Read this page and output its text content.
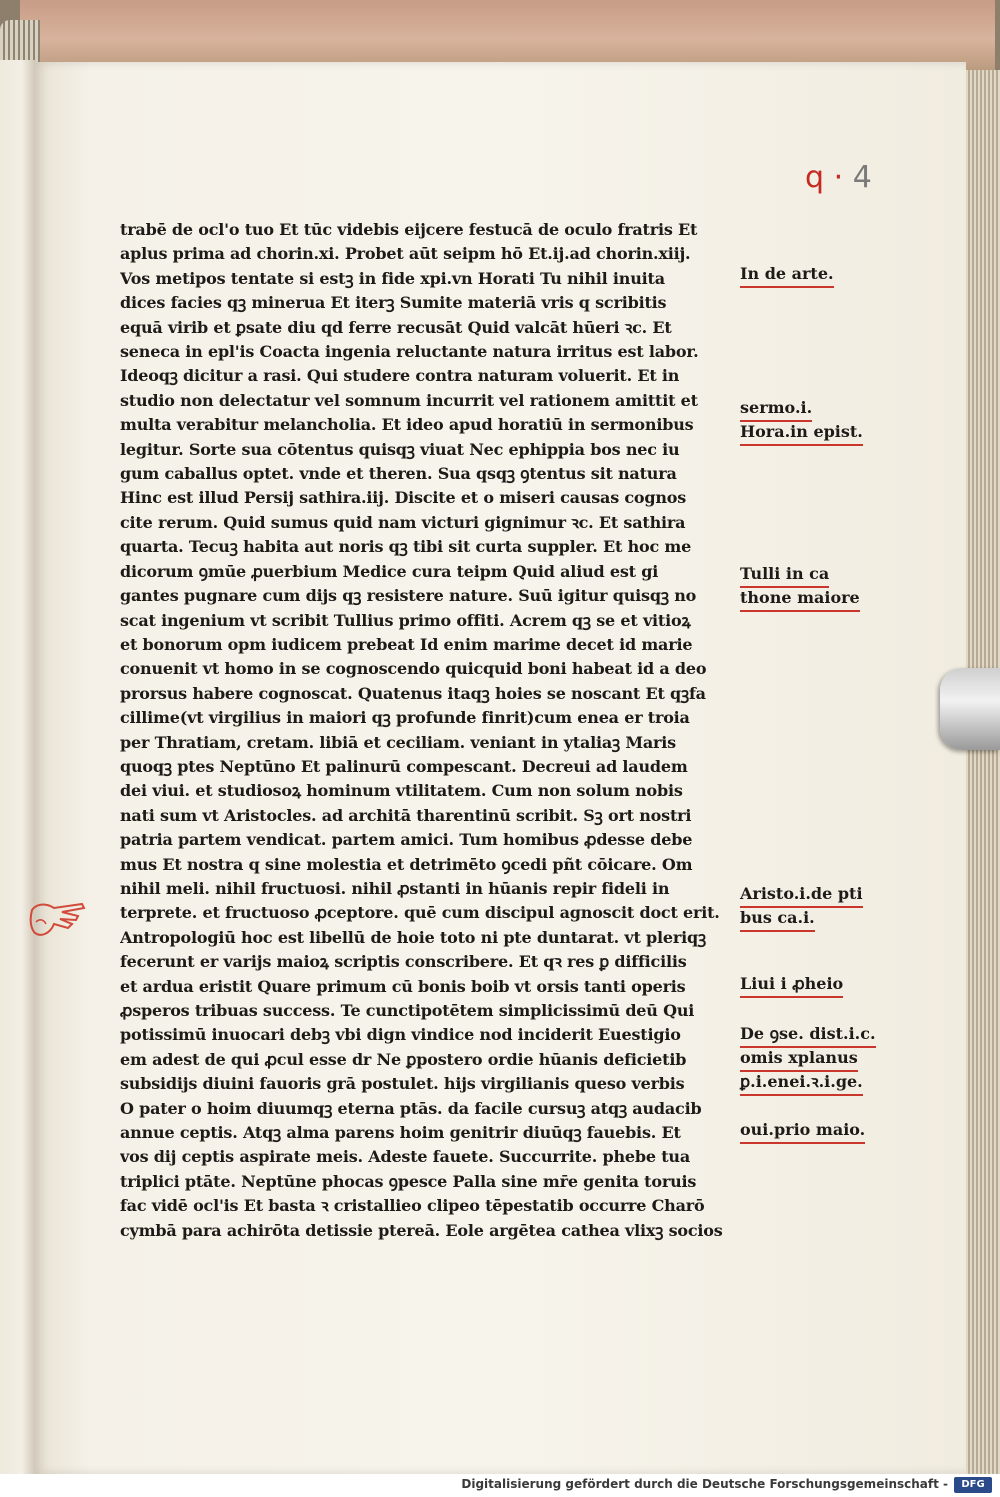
q · 4
trabē de ocl'o tuo Et tūc videbis eijcere festucā de oculo fratris Et
aplus prima ad chorin.xi. Probet aūt seipm hō Et.ij.ad chorin.xiij.
Vos metipos tentate si estꝫ in fide xpi.vn Horati Tu nihil inuita
dices facies qꝫ minerua Et iterꝫ Sumite materiā vris q scribitis
equā virib et ꝑsate diu qd ferre recusāt Quid valcāt hūeri ꝛc. Et
seneca in epl'is Coacta ingenia reluctante natura irritus est labor.
Ideoqꝫ dicitur a rasi. Qui studere contra naturam voluerit. Et in
studio non delectatur vel somnum incurrit vel rationem amittit et
multa verabitur melancholia. Et ideo apud horatiū in sermonibus
legitur. Sorte sua cōtentus quisqꝫ viuat Nec ephippia bos nec iu
gum caballus optet. vnde et theren. Sua qsqꝫ ꝯtentus sit natura
Hinc est illud Persij sathira.iij. Discite et o miseri causas cognos
cite rerum. Quid sumus quid nam victuri gignimur ꝛc. Et sathira
quarta. Tecuꝫ habita aut noris qꝫ tibi sit curta suppler. Et hoc me
dicorum ꝯmūe ꝓuerbium Medice cura teipm Quid aliud est gi
gantes pugnare cum dijs qꝫ resistere nature. Suū igitur quisqꝫ no
scat ingenium vt scribit Tullius primo offiti. Acrem qꝫ se et vitioꝝ
et bonorum opm iudicem prebeat Id enim marime decet id marie
conuenit vt homo in se cognoscendo quicquid boni habeat id a deo
prorsus habere cognoscat. Quatenus itaqꝫ hoies se noscant Et qꝫfa
cillime(vt virgilius in maiori qꝫ profunde finrit)cum enea er troia
per Thratiam, cretam. libiā et ceciliam. veniant in ytaliaꝫ Maris
quoqꝫ ptes Neptūno Et palinurū compescant. Decreui ad laudem
dei viui. et studiosoꝝ hominum vtilitatem. Cum non solum nobis
nati sum vt Aristocles. ad architā tharentinū scribit. Sꝫ ort nostri
patria partem vendicat. partem amici. Tum homibus ꝓdesse debe
mus Et nostra q sine molestia et detrimēto ꝯcedi pñt cōicare. Om
nihil meli. nihil fructuosi. nihil ꝓstanti in hūanis repir fideli in
terprete. et fructuoso ꝓceptore. quē cum discipul agnoscit doct erit.
Antropologiū hoc est libellū de hoie toto ni pte duntarat. vt pleriqꝫ
fecerunt er varijs maioꝝ scriptis conscribere. Et qꝛ res ꝑ difficilis
et ardua eristit Quare primum cū bonis boib vt orsis tanti operis
ꝓsperos tribuas success. Te cunctipotētem simplicissimū deū Qui
potissimū inuocari debꝫ vbi dign vindice nod inciderit Euestigio
em adest de qui ꝓcul esse dr Ne ꝑpostero ordie hūanis deficietib
subsidijs diuini fauoris grā postulet. hijs virgilianis queso verbis
O pater o hoim diuumqꝫ eterna ptās. da facile cursuꝫ atqꝫ audacib
annue ceptis. Atqꝫ alma parens hoim genitrir diuūqꝫ fauebis. Et
vos dij ceptis aspirate meis. Adeste fauete. Succurrite. phebe tua
triplici ptāte. Neptūne phocas ꝯpesce Palla sine mr̄e genita toruis
fac vidē ocl'is Et basta ꝛ cristallieo clipeo tēpestatib occurre Charō
cymbā para achirōta detissie ptereā. Eole argētea cathea vlixꝫ socios
In de arte.
sermo.i.
Hora.in epist.
Tulli in ca
thone maiore
Aristo.i.de pti
bus ca.i.
Liui i ꝓheio
De ꝯse. dist.i.c.
omis xplanus
ꝑ.i.enei.ꝛ.i.ge.
oui.prio maio.
Digitalisierung gefördert durch die Deutsche Forschungsgemeinschaft -	DFG
